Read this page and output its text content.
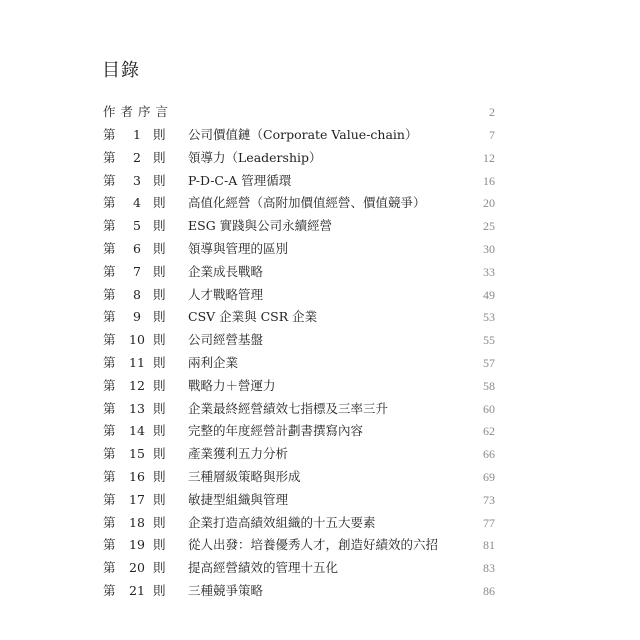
目錄
作者序言	2
第	1 則 公司價值鏈（Corporate Value-chain）	7
第	2 則 領導力（Leadership）	12
第	3 則 P-D-C-A 管理循環	16
第	4 則 高值化經營（高附加價值經營、價值競爭）	20
第	5 則 ESG 實踐與公司永續經營	25
第	6 則 領導與管理的區別	30
第	7 則 企業成長戰略	33
第	8 則 人才戰略管理	49
第	9 則 CSV 企業與 CSR 企業	53
第	10 則 公司經營基盤	55
第	11 則 兩利企業	57
第	12 則 戰略力＋營運力	58
第	13 則 企業最終經營績效七指標及三率三升	60
第	14 則 完整的年度經營計劃書撰寫內容	62
第	15 則 產業獲利五力分析	66
第	16 則 三種層級策略與形成	69
第	17 則 敏捷型組織與管理	73
第	18 則 企業打造高績效組織的十五大要素	77
第	19 則 從人出發：培養優秀人才，創造好績效的六招	81
第	20 則 提高經營績效的管理十五化	83
第	21 則 三種競爭策略	86
